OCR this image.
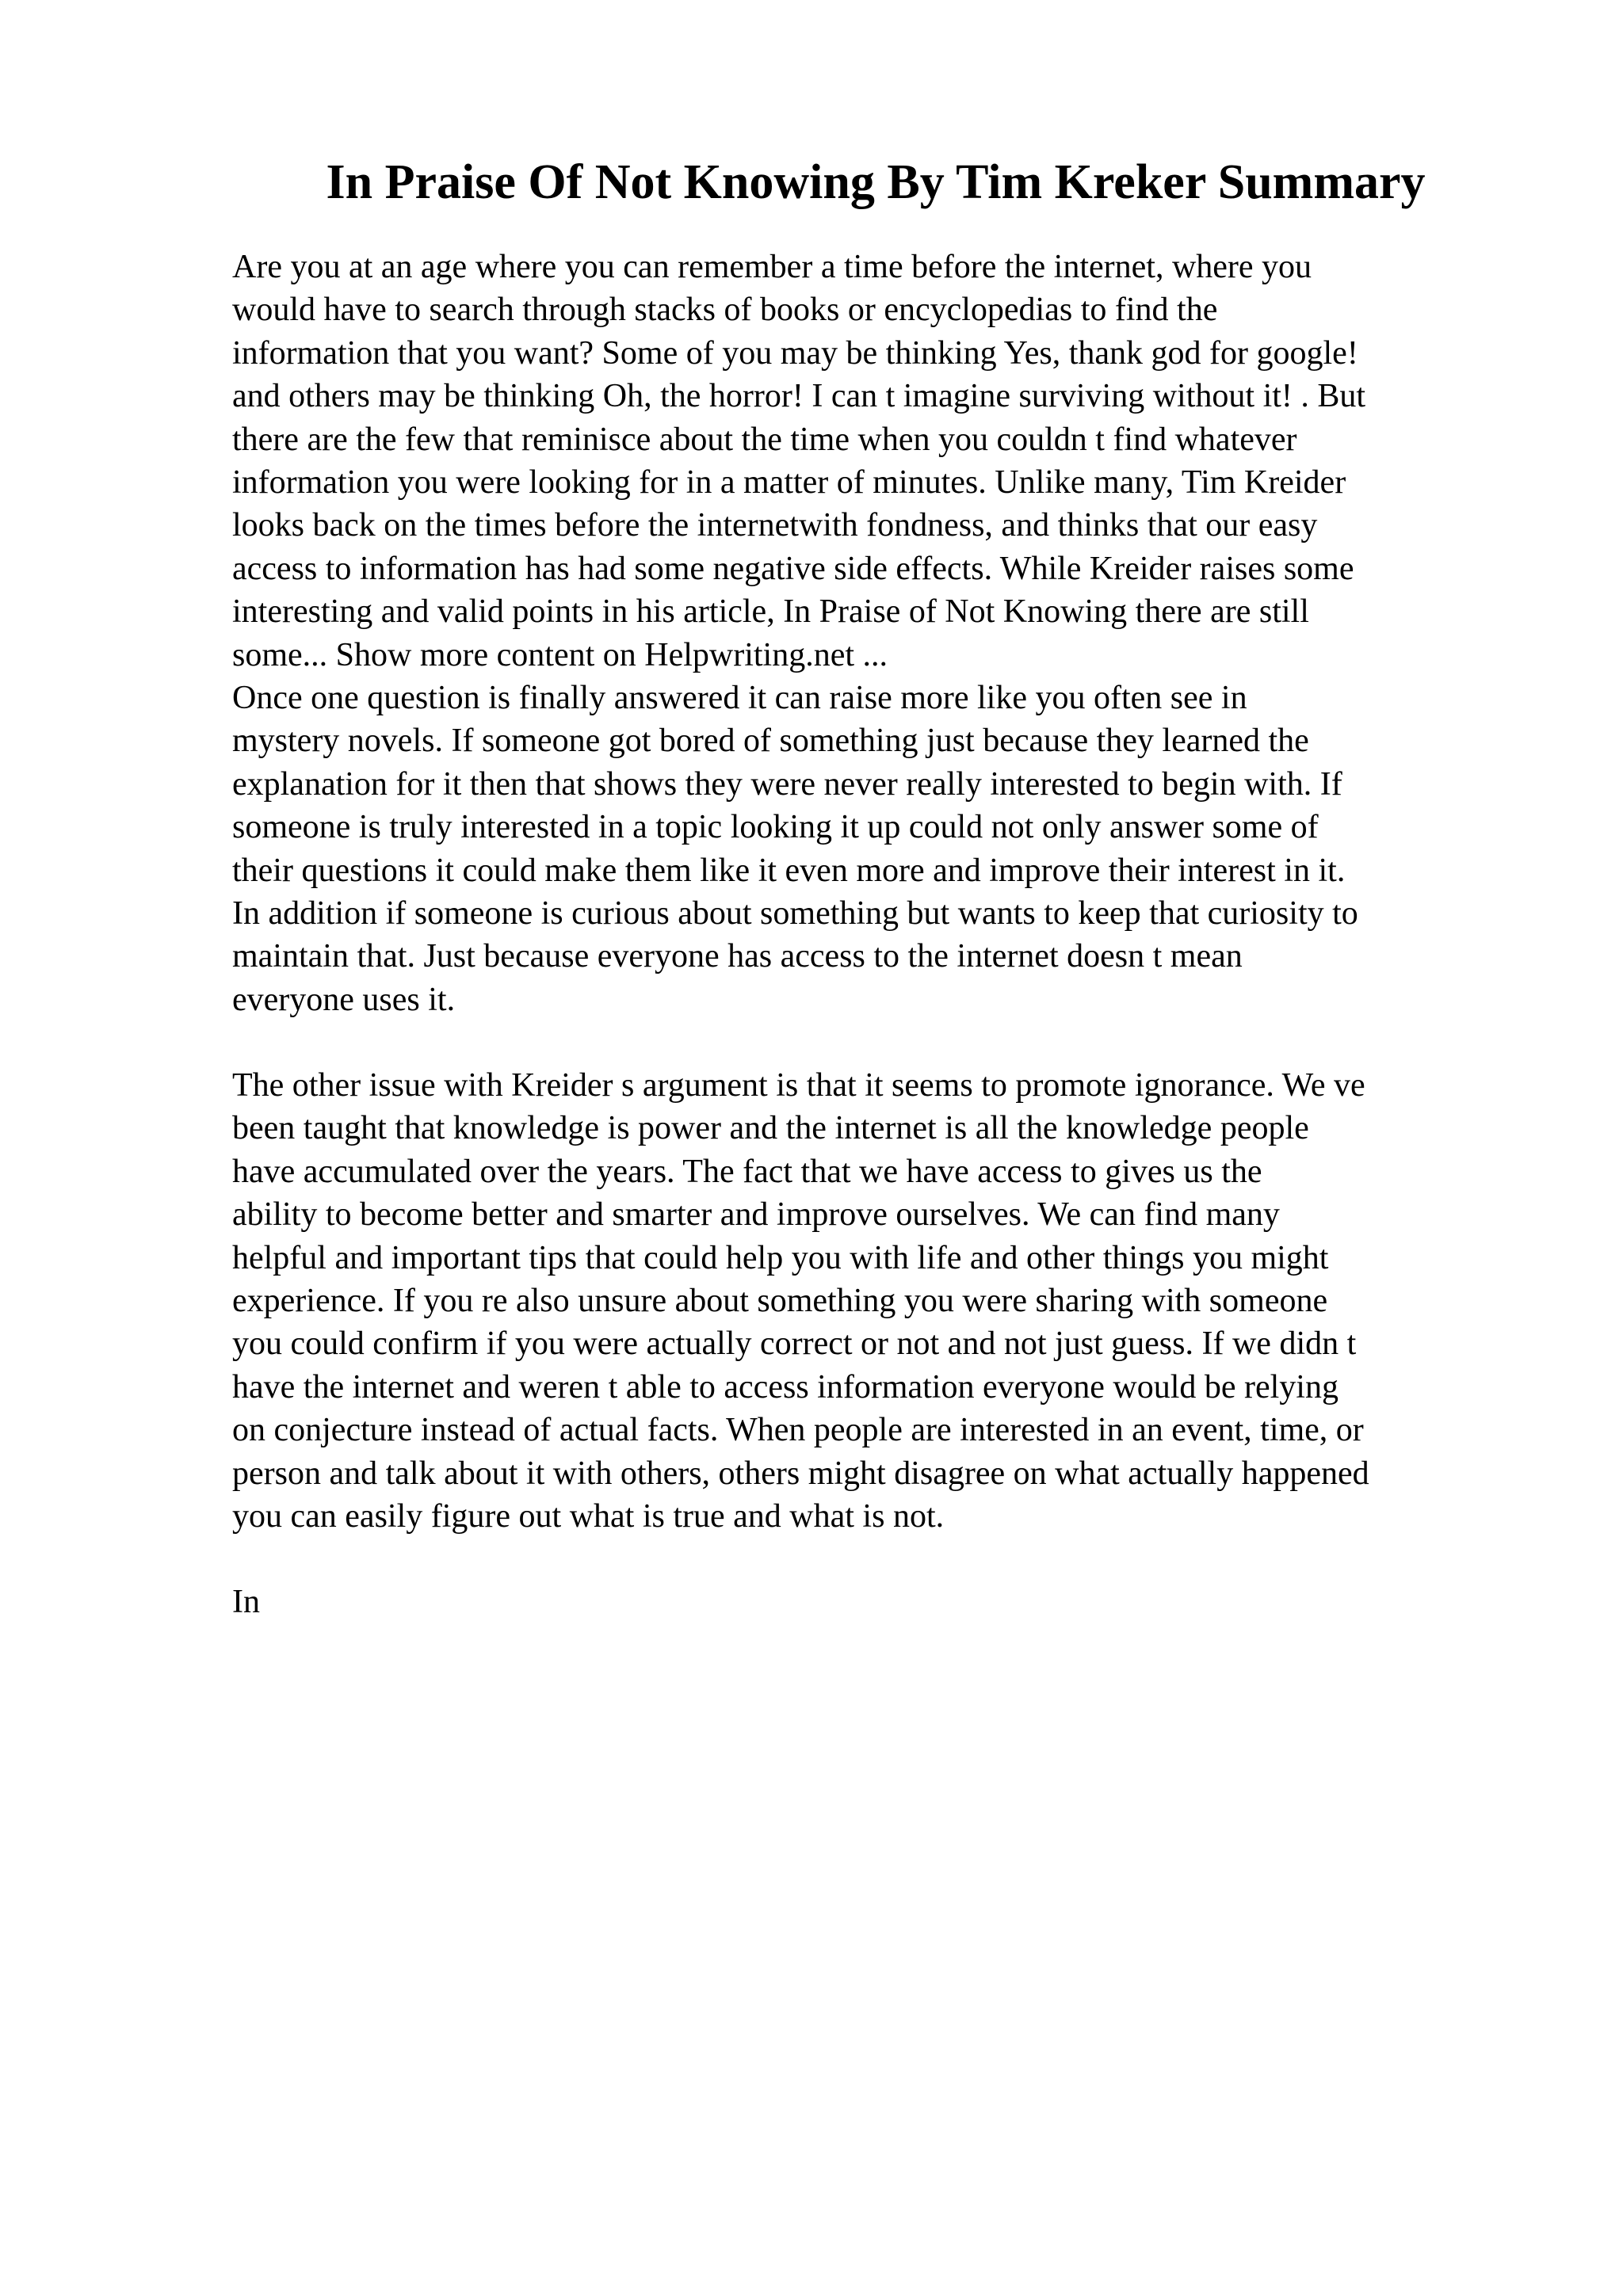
In Praise Of Not Knowing By Tim Kreker Summary

Are you at an age where you can remember a time before the internet, where you
would have to search through stacks of books or encyclopedias to find the
information that you want? Some of you may be thinking Yes, thank god for google!
and others may be thinking Oh, the horror! I can t imagine surviving without it! . But
there are the few that reminisce about the time when you couldn t find whatever
information you were looking for in a matter of minutes. Unlike many, Tim Kreider
looks back on the times before the internetwith fondness, and thinks that our easy
access to information has had some negative side effects. While Kreider raises some
interesting and valid points in his article, In Praise of Not Knowing there are still
some... Show more content on Helpwriting.net ...

Once one question is finally answered it can raise more like you often see in
mystery novels. If someone got bored of something just because they learned the
explanation for it then that shows they were never really interested to begin with. If
someone is truly interested in a topic looking it up could not only answer some of
their questions it could make them like it even more and improve their interest in it.
In addition if someone is curious about something but wants to keep that curiosity to
maintain that. Just because everyone has access to the internet doesn t mean
everyone uses it.

The other issue with Kreider s argument is that it seems to promote ignorance. We ve
been taught that knowledge is power and the internet is all the knowledge people
have accumulated over the years. The fact that we have access to gives us the
ability to become better and smarter and improve ourselves. We can find many
helpful and important tips that could help you with life and other things you might
experience. If you re also unsure about something you were sharing with someone
you could confirm if you were actually correct or not and not just guess. If we didn t
have the internet and weren t able to access information everyone would be relying
on conjecture instead of actual facts. When people are interested in an event, time, or
person and talk about it with others, others might disagree on what actually happened
you can easily figure out what is true and what is not.

In
